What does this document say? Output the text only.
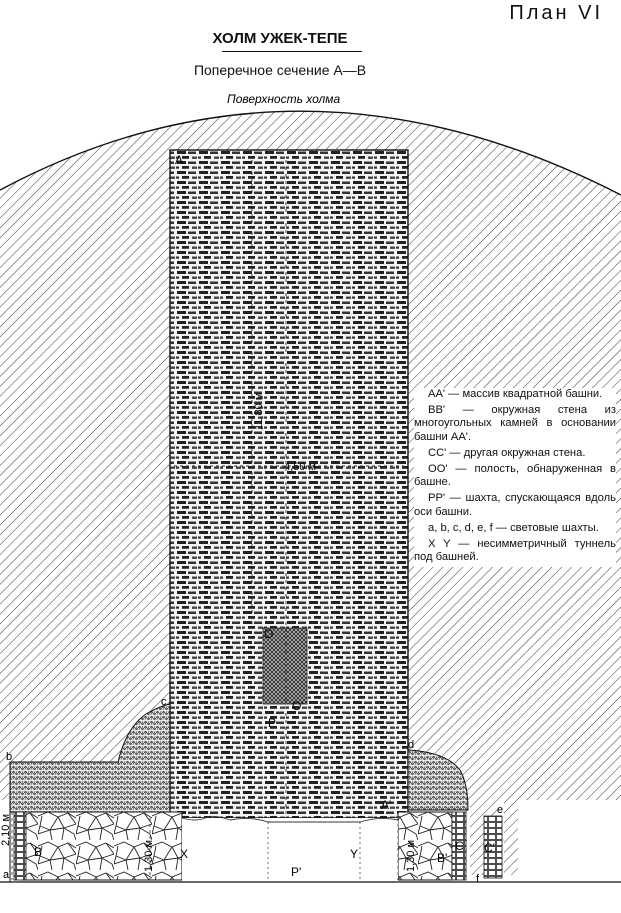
Поверхность холма
A
A'
B	B'
C C'
O
O'
P
P'
a
b
c
d
e
f
X	Y
4,50 м
11,80 м
2,10 м
1,30 м	1,30 м
План VI
ХОЛМ УЖЕК-ТЕПЕ
Поперечное сечение A—B

AA' — массив квадратной башни.

BB' — окружная стена из многоугольных камней в основании башни AA'.

CC' — другая окружная стена.

OO' — полость, обнаруженная в башне.

PP' — шахта, спускающаяся вдоль оси башни.

a, b, c, d, e, f — световые шахты.

X Y — несимметричный туннель под башней.
